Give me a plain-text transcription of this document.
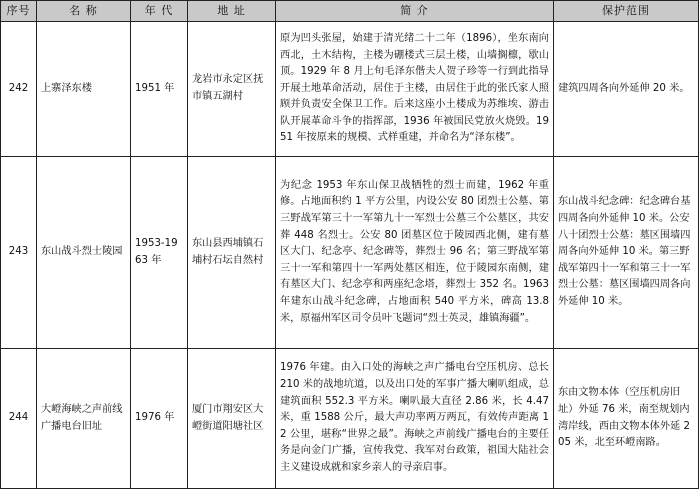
序号	名 称	年 代	地 址	简 介	保护范围
242	上寨泽东楼	1951 年	龙岩市永定区抚市镇五湖村	原为凹头张屋，始建于清光绪二十二年（1896），坐东南向西北，土木结构，主楼为硼楼式三层土楼，山墙搁檩，歇山顶。1929 年 8 月上旬毛泽东偕夫人贺子珍等一行到此指导开展土地革命活动，居住于主楼，由居住于此的张氏家人照顾并负责安全保卫工作。后来这座小土楼成为苏维埃、游击队开展革命斗争的指挥部，1936 年被国民党放火烧毁。1951 年按原来的规模、式样重建，并命名为“泽东楼”。	建筑四周各向外延伸 20 米。
243	东山战斗烈士陵园	1953-1963 年	东山县西埔镇石埔村石坛自然村	为纪念 1953 年东山保卫战牺牲的烈士而建，1962 年重修。占地面积约 1 平方公里，内设公安 80 团烈士公墓、第三野战军第三十一军第九十一军烈士公墓三个公墓区，共安葬 448 名烈士。公安 80 团墓区位于陵园西北侧，建有墓区大门、纪念亭、纪念碑等，葬烈士 96 名；第三野战军第三十一军和第四十一军两处墓区相连，位于陵园东南侧，建有墓区大门、纪念亭和两座纪念塔，葬烈士 352 名。1963 年建东山战斗纪念碑，占地面积 540 平方米，碑高 13.8 米，原福州军区司令员叶飞题词“烈士英灵，雄镇海疆”。	东山战斗纪念碑：纪念碑台基四周各向外延伸 10 米。公安八十团烈士公墓：墓区围墙四周各向外延伸 10 米。第三野战军第四十一军和第三十一军烈士公墓：墓区围墙四周各向外延伸 10 米。
244	大嶝海峡之声前线广播电台旧址	1976 年	厦门市翔安区大嶝街道阳塘社区	1976 年建。由入口处的海峡之声广播电台空压机房、总长 210 米的战地坑道，以及出口处的军事广播大喇叭组成，总建筑面积 552.3 平方米。喇叭最大直径 2.86 米，长 4.47 米，重 1588 公斤，最大声功率两万两瓦，有效传声距离 12 公里，堪称“世界之最”。海峡之声前线广播电台的主要任务是向金门广播，宣传我党、我军对台政策，祖国大陆社会主义建设成就和家乡亲人的寻亲启事。	东由文物本体（空压机房旧址）外延 76 米，南至规划内湾岸线，西由文物本体外延 205 米，北至环嶝南路。
